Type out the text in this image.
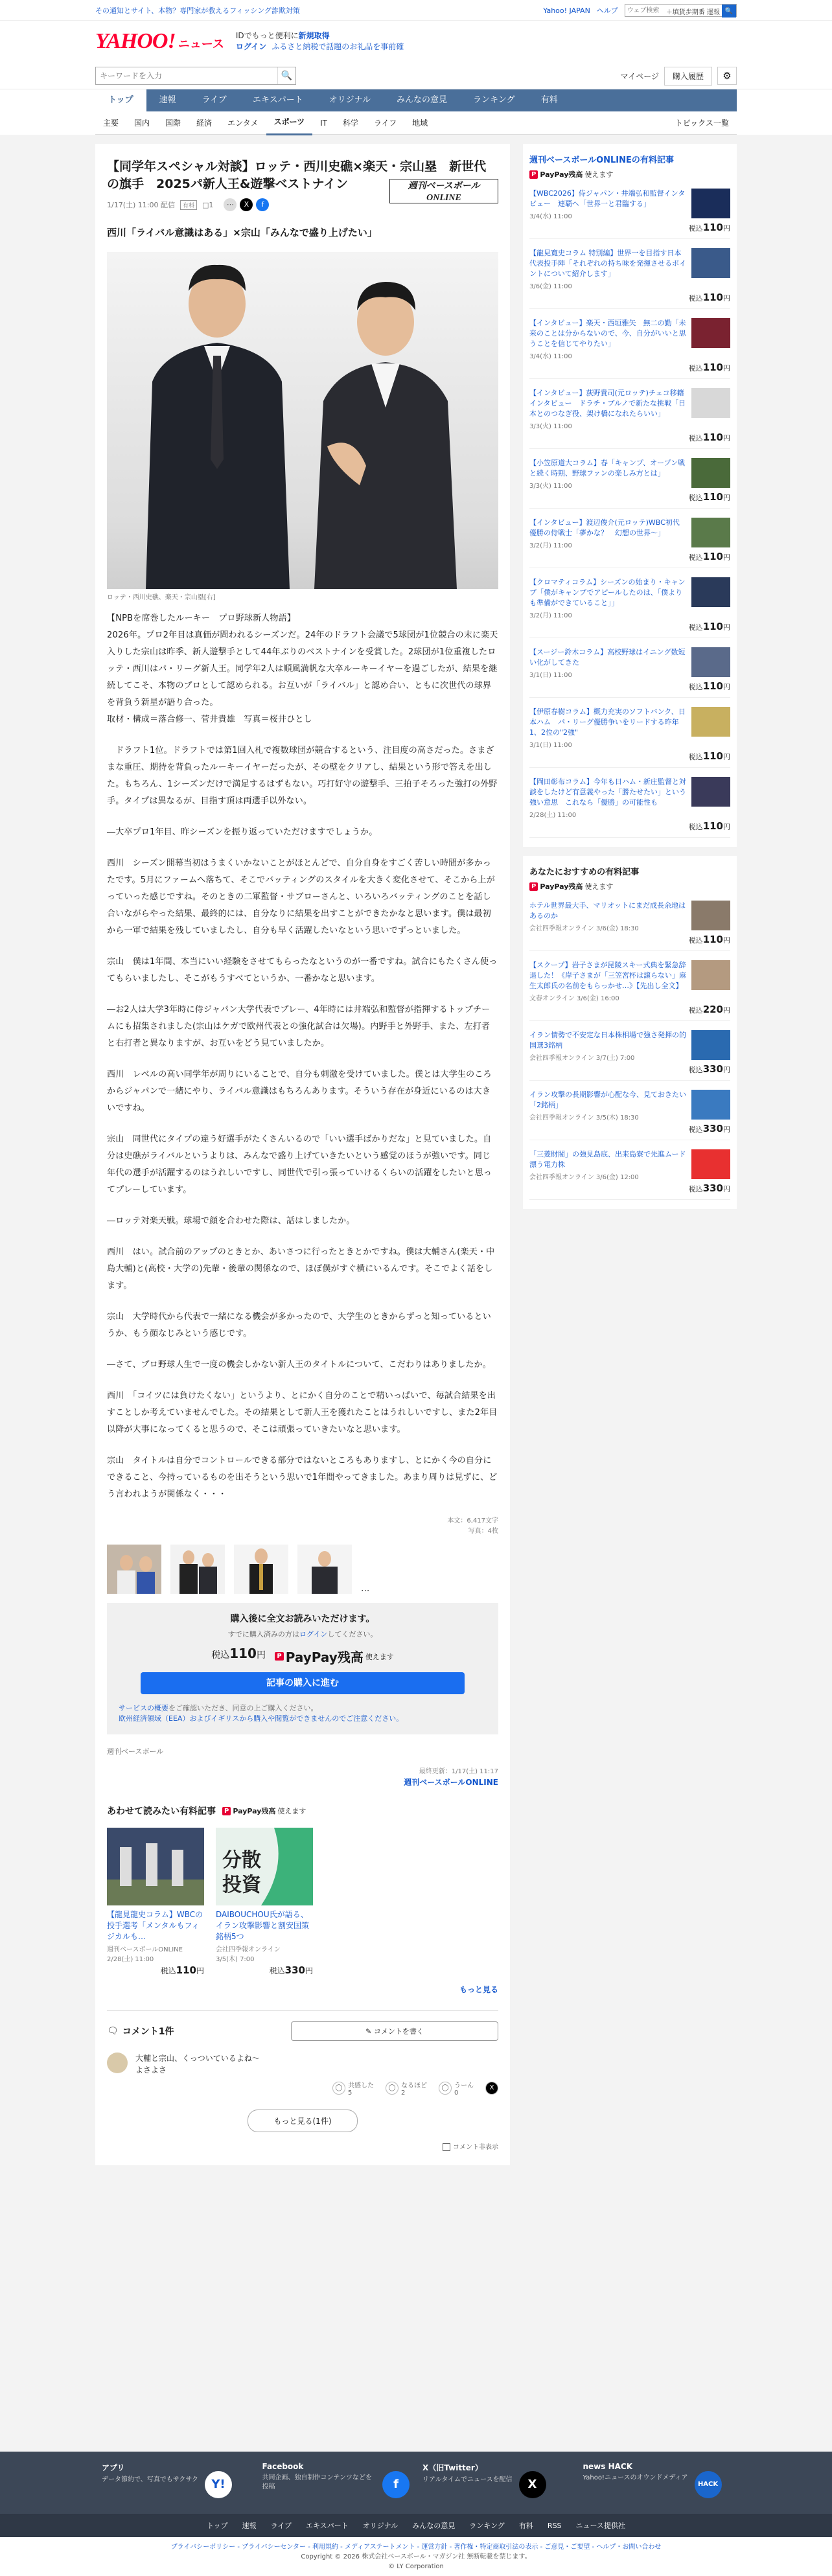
その通知とサイト、本物？専門家が教えるフィッシング詐欺対策	Yahoo! JAPAN ヘルプ
ウェブ検索	＋填貨歩期番 運報 🔍
YAHOO! ニュース
IDでもっと便利に新規取得
ログイン ふるさと納税で話題のお礼品を事前確
キーワードを入力
🔍	マイページ	購入履歴	⚙
トップ	速報	ライブ	エキスパート	オリジナル	みんなの意見	ランキング	有料
主要	国内	国際	経済	エンタメ	スポーツ	IT	科学	ライフ	地域	トピックス一覧
【同学年スペシャル対談】ロッテ・西川史礁×楽天・宗山塁　新世代の旗手　2025パ新人王&遊撃ベストナイン
1/17(土) 11:00 配信	有料	□1	⋯	X	f
週刊ベースボール ONLINE
西川「ライバル意識はある」×宗山「みんなで盛り上げたい」
ロッテ・西川史礁、楽天・宗山塁[右]

【NPBを席巻したルーキー　プロ野球新人物語】

2026年。プロ2年目は真価が問われるシーズンだ。24年のドラフト会議で5球団が1位競合の末に楽天入りした宗山は昨季、新人遊撃手として44年ぶりのベストナインを受賞した。2球団が1位重複したロッテ・西川はパ・リーグ新人王。同学年2人は順風満帆な大卒ルーキーイヤーを過ごしたが、結果を継続してこそ、本物のプロとして認められる。お互いが「ライバル」と認め合い、ともに次世代の球界を背負う新星が語り合った。
取材・構成＝落合修一、菅井貴雄　写真＝桜井ひとし

　ドラフト1位。ドラフトでは第1回入札で複数球団が競合するという、注目度の高さだった。さまざまな重圧、期待を背負ったルーキーイヤーだったが、その壁をクリアし、結果という形で答えを出した。もちろん、1シーズンだけで満足するはずもない。巧打好守の遊撃手、三拍子そろった強打の外野手。タイプは異なるが、目指す頂は両選手以外ない。

―大卒プロ1年目、昨シーズンを振り返っていただけますでしょうか。

西川　シーズン開幕当初はうまくいかないことがほとんどで、自分自身をすごく苦しい時間が多かったです。5月にファームへ落ちて、そこでバッティングのスタイルを大きく変化させて、そこから上がっていった感じですね。そのときの二軍監督・サブローさんと、いろいろバッティングのことを話し合いながらやった結果、最終的には、自分なりに結果を出すことができたかなと思います。僕は最初から一軍で結果を残していましたし、自分も早く活躍したいなという思いでずっといました。

宗山　僕は1年間、本当にいい経験をさせてもらったなというのが一番ですね。試合にもたくさん使ってもらいましたし、そこがもうすべてというか、一番かなと思います。

―お2人は大学3年時に侍ジャパン大学代表でプレー、4年時には井端弘和監督が指揮するトップチームにも招集されました(宗山はケガで欧州代表との強化試合は欠場)。内野手と外野手、また、左打者と右打者と異なりますが、お互いをどう見ていましたか。

西川　レベルの高い同学年が周りにいることで、自分も刺激を受けていました。僕とは大学生のころからジャパンで一緒にやり、ライバル意識はもちろんあります。そういう存在が身近にいるのは大きいですね。

宗山　同世代にタイプの違う好選手がたくさんいるので「いい選手ばかりだな」と見ていました。自分は史礁がライバルというよりは、みんなで盛り上げていきたいという感覚のほうが強いです。同じ年代の選手が活躍するのはうれしいですし、同世代で引っ張っていけるくらいの活躍をしたいと思ってプレーしています。

―ロッテ対楽天戦。球場で顔を合わせた際は、話はしましたか。

西川　はい。試合前のアップのときとか、あいさつに行ったときとかですね。僕は大輔さん(楽天・中島大輔)と(高校・大学の)先輩・後輩の関係なので、ほぼ僕がすぐ横にいるんです。そこでよく話をします。

宗山　大学時代から代表で一緒になる機会が多かったので、大学生のときからずっと知っているというか、もう顔なじみという感じです。

―さて、プロ野球人生で一度の機会しかない新人王のタイトルについて、こだわりはありましたか。

西川　「コイツには負けたくない」というより、とにかく自分のことで精いっぱいで、毎試合結果を出すことしか考えていませんでした。その結果として新人王を獲れたことはうれしいですし、また2年目以降が大事になってくると思うので、そこは頑張っていきたいなと思います。

宗山　タイトルは自分でコントロールできる部分ではないところもありますし、とにかく今の自分にできること、今持っているものを出そうという思いで1年間やってきました。あまり周りは見ずに、どう言われようが関係なく・・・

本文：6,417文字
写真：4枚
...
購入後に全文お読みいただけます。
すでに購入済みの方はログインしてください。
税込110円	P PayPay残高 使えます
記事の購入に進む
サービスの概要をご確認いただき、同意の上ご購入ください。
欧州経済領域（EEA）およびイギリスから購入や閲覧ができませんのでご注意ください。
週刊ベースボール
最終更新：1/17(土) 11:17
週刊ベースボールONLINE
あわせて読みたい有料記事	P PayPay残高 使えます
【龍見龍史コラム】WBCの投手選考「メンタルもフィジカルも…
週刊ベースボールONLINE
2/28(土) 11:00
税込110円
分散
投資
DAIBOUCHOU氏が語る、イラン攻撃影響と割安国策銘柄5つ
会社四季報オンライン
3/5(木) 7:00
税込330円
もっと見る
🗨 コメント1件	✎ コメントを書く
大輔と宗山、くっついているよね～
よさよさ
◯ 共感した
5
◯ なるほど
2
◯ うーん
0
X
もっと見る(1件)
コメント非表示
週刊ベースボールONLINEの有料記事
P PayPay残高 使えます
【WBC2026】侍ジャパン・井端弘和監督インタビュー　連覇へ「世界一と君臨する」
3/4(水) 11:00
税込110円
【龍見寛史コラム 特別編】世界一を目指す日本代表投手陣「それぞれの持ち味を発揮させるポイントについて紹介します」
3/6(金) 11:00
税込110円
【インタビュー】楽天・西垣雅矢　無二の勤「未来のことは分からないので、今、自分がいいと思うことを信じてやりたい」
3/4(水) 11:00
税込110円
【インタビュー】荻野貴司(元ロッテ)チェコ移籍インタビュー　ドラチ・ブルノで新たな挑戦「日本とのつなぎ役、架け橋になれたらいい」
3/3(火) 11:00
税込110円
【小笠原道大コラム】春「キャンプ、オープン戦と続く時期、野球ファンの楽しみ方とは」
3/3(火) 11:00
税込110円
【インタビュー】渡辺俊介(元ロッテ)WBC初代優勝の侍戦士「夢かな？　幻想の世界～」
3/2(月) 11:00
税込110円
【クロマティコラム】シーズンの始まり・キャンプ「僕がキャンプでアピールしたのは、「僕よりも準備ができていること」」
3/2(月) 11:00
税込110円
【スージー鈴木コラム】高校野球はイニング数短い化がしてきた
3/1(日) 11:00
税込110円
【伊原春樹コラム】概力充実のソフトバンク、日本ハム　パ・リーグ優勝争いをリードする昨年1、2位の"2強"
3/1(日) 11:00
税込110円
【岡田彰布コラム】今年も日ハム・新庄監督と対談をしたけど有意義やった「勝たせたい」という強い意思　これなら「優勝」の可能性も
2/28(土) 11:00
税込110円
あなたにおすすめの有料記事
P PayPay残高 使えます
ホテル世界最大手、マリオットにまだ成長余地はあるのか
会社四季報オンライン 3/6(金) 18:30
税込110円
【スクープ】岩子さまが昆陵スキー式典を緊急辞退した！《岸子さまが「三笠宮杯は譲らない」麻生太郎氏の名前をもらっかせ…》【先出し全文】
文春オンライン 3/6(金) 16:00
税込220円
イラン情勢で不安定な日本株相場で強さ発揮の的国選3銘柄
会社四季報オンライン 3/7(土) 7:00
税込330円
イラン攻撃の長期影響が心配な今、見ておきたい「2銘柄」
会社四季報オンライン 3/5(木) 18:30
税込330円
「三菱財閥」の強見島底、出来島寮で先進ムード漂う電力株
会社四季報オンライン 3/6(金) 12:00
税込330円
アプリ
データ節約で、写真でもサクサク	Y!
Facebook
共同企画、独自制作コンテンツなどを投稿	f
X（旧Twitter）
リアルタイムでニュースを配信	X
news HACK
Yahoo!ニュースのオウンドメディア
HACK
トップ 速報 ライブ エキスパート オリジナル みんなの意見 ランキング 有料 RSS ニュース提供社
プライバシーポリシー - プライバシーセンター - 利用規約 - メディアステートメント - 運営方針 - 著作権・特定商取引法の表示 - ご意見・ご要望 - ヘルプ・お問い合わせ
Copyright © 2026 株式会社ベースボール・マガジン社 無断転載を禁じます。
© LY Corporation
